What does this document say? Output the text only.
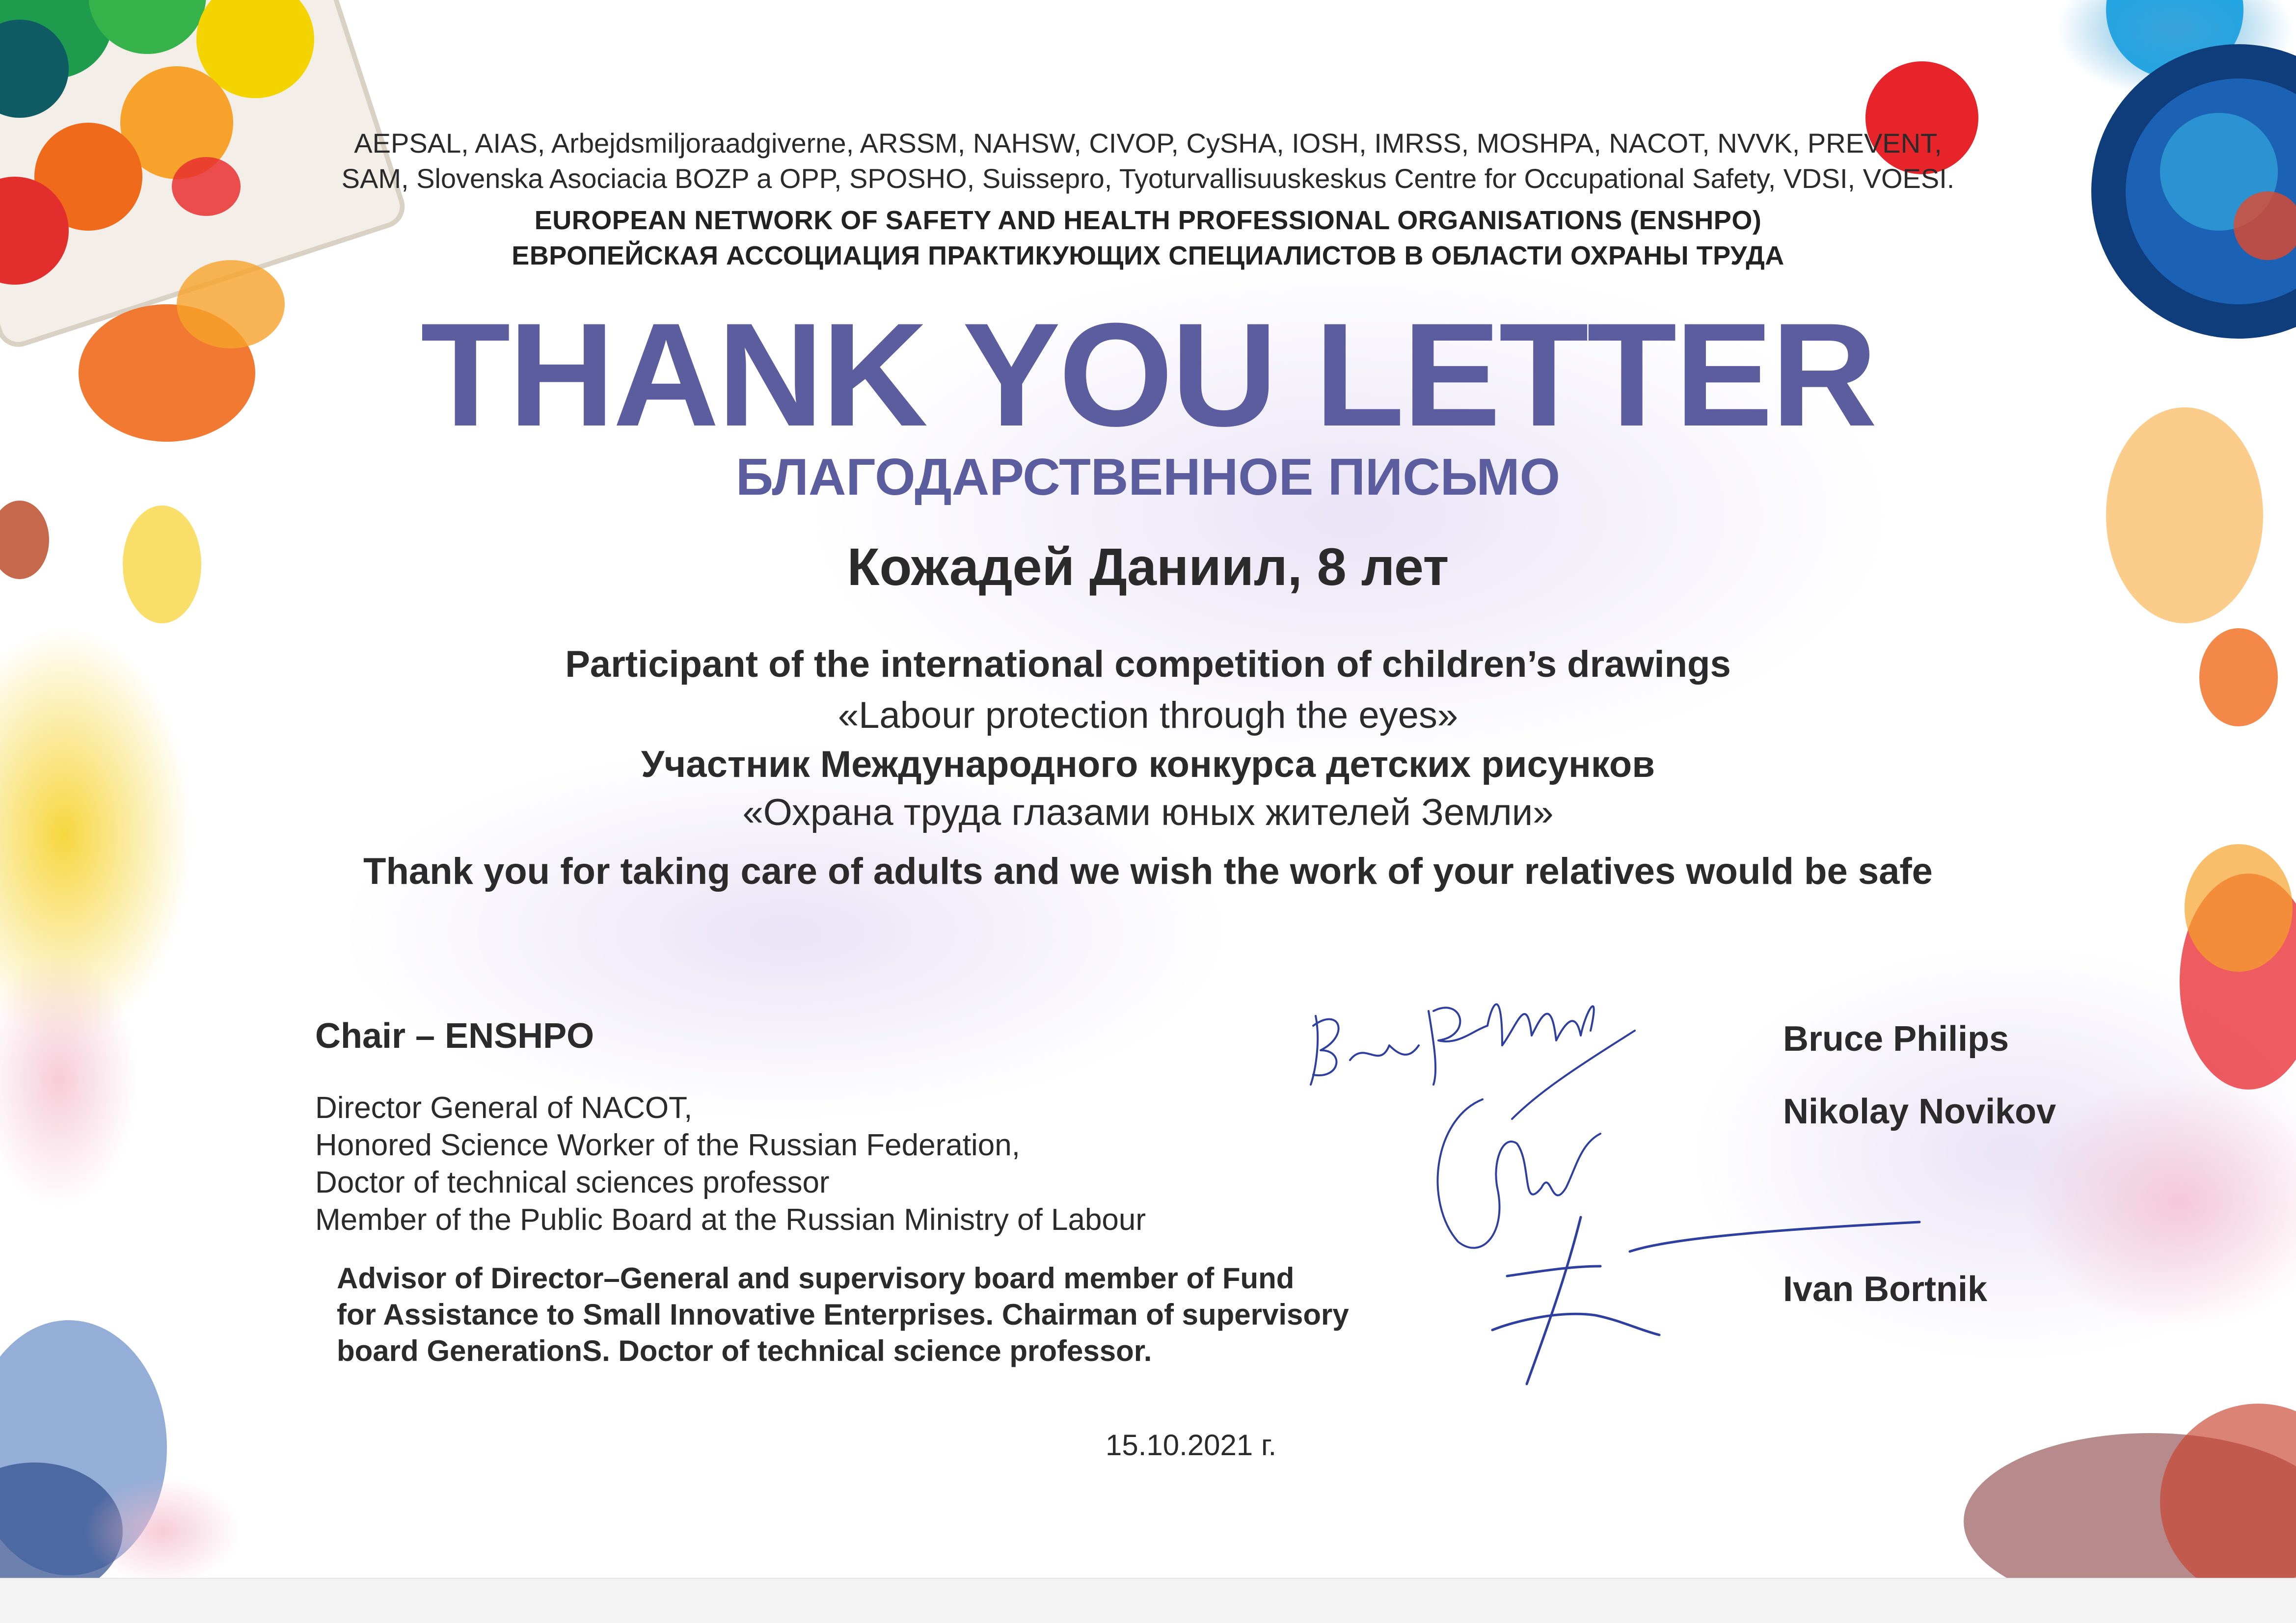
AEPSAL, AIAS, Arbejdsmiljoraadgiverne, ARSSM, NAHSW, CIVOP, CySHA, IOSH, IMRSS, MOSHPA, NACOT, NVVK, PREVENT,
SAM, Slovenska Asociacia BOZP a OPP, SPOSHO, Suissepro, Tyoturvallisuuskeskus Centre for Occupational Safety, VDSI, VOESI.
EUROPEAN NETWORK OF SAFETY AND HEALTH PROFESSIONAL ORGANISATIONS (ENSHPO)
ЕВРОПЕЙСКАЯ АССОЦИАЦИЯ ПРАКТИКУЮЩИХ СПЕЦИАЛИСТОВ В ОБЛАСТИ ОХРАНЫ ТРУДА
THANK YOU LETTER
БЛАГОДАРСТВЕННОЕ ПИСЬМО
Кожадей Даниил, 8 лет
Participant of the international competition of children’s drawings
«Labour protection through the eyes»
Участник Международного конкурса детских рисунков
«Охрана труда глазами юных жителей Земли»
Thank you for taking care of adults and we wish the work of your relatives would be safe
Chair – ENSHPO
Director General of NACOT,
Honored Science Worker of the Russian Federation,
Doctor of technical sciences professor
Member of the Public Board at the Russian Ministry of Labour
Advisor of Director–General and supervisory board member of Fund
for Assistance to Small Innovative Enterprises. Chairman of supervisory
board GenerationS. Doctor of technical science professor.
Bruce Philips
Nikolay Novikov
Ivan Bortnik
15.10.2021 г.
